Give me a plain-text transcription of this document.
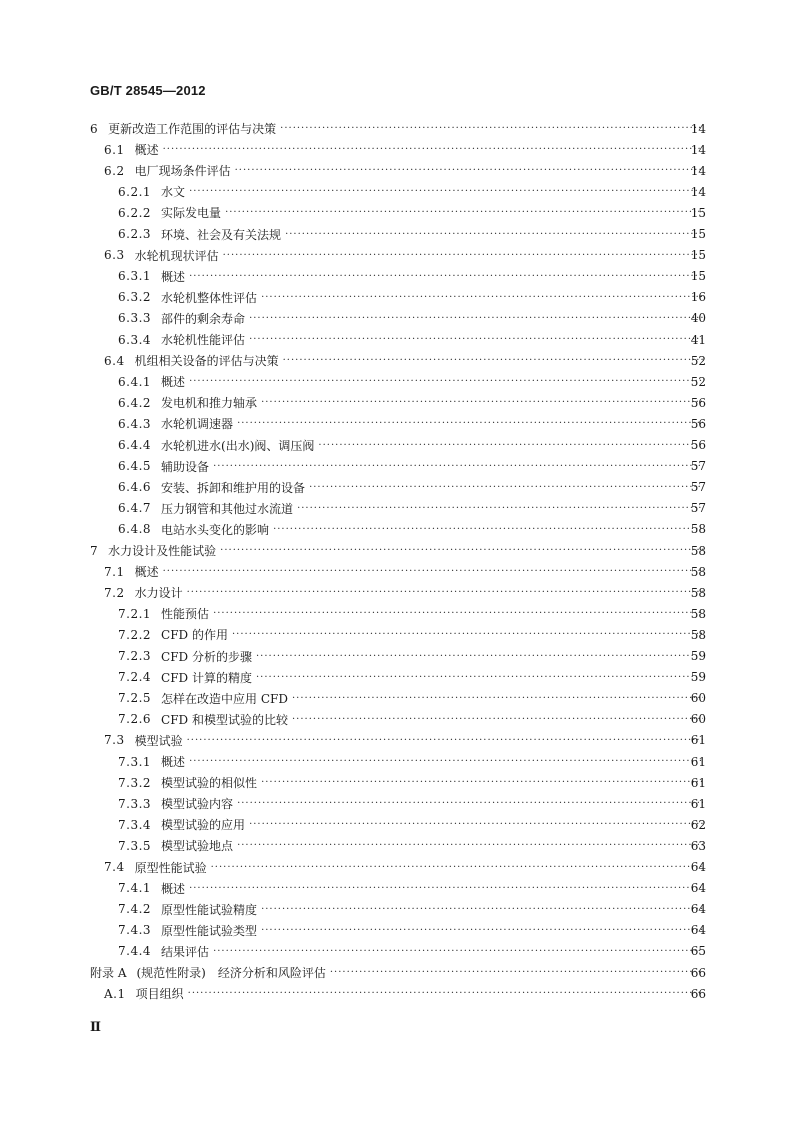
GB/T 28545—2012
6 更新改造工作范围的评估与决策 ·····	14
6.1 概述 ·····	14
6.2 电厂现场条件评估 ·····	14
6.2.1 水文 ·····	14
6.2.2 实际发电量 ·····	15
6.2.3 环境、社会及有关法规 ·····	15
6.3 水轮机现状评估 ·····	15
6.3.1 概述 ·····	15
6.3.2 水轮机整体性评估 ·····	16
6.3.3 部件的剩余寿命 ·····	40
6.3.4 水轮机性能评估 ·····	41
6.4 机组相关设备的评估与决策 ·····	52
6.4.1 概述 ·····	52
6.4.2 发电机和推力轴承 ·····	56
6.4.3 水轮机调速器 ·····	56
6.4.4 水轮机进水(出水)阀、调压阀 ·····	56
6.4.5 辅助设备 ·····	57
6.4.6 安装、拆卸和维护用的设备 ·····	57
6.4.7 压力钢管和其他过水流道 ·····	57
6.4.8 电站水头变化的影响 ·····	58
7 水力设计及性能试验 ·····	58
7.1 概述 ·····	58
7.2 水力设计 ·····	58
7.2.1 性能预估 ·····	58
7.2.2 CFD 的作用 ·····	58
7.2.3 CFD 分析的步骤 ·····	59
7.2.4 CFD 计算的精度 ·····	59
7.2.5 怎样在改造中应用 CFD ·····	60
7.2.6 CFD 和模型试验的比较 ·····	60
7.3 模型试验 ·····	61
7.3.1 概述 ·····	61
7.3.2 模型试验的相似性 ·····	61
7.3.3 模型试验内容 ·····	61
7.3.4 模型试验的应用 ·····	62
7.3.5 模型试验地点 ·····	63
7.4 原型性能试验 ·····	64
7.4.1 概述 ·····	64
7.4.2 原型性能试验精度 ·····	64
7.4.3 原型性能试验类型 ·····	64
7.4.4 结果评估 ·····	65
附录 A (规范性附录)　经济分析和风险评估 ·····	66
A.1 项目组织 ·····	66
Ⅱ
